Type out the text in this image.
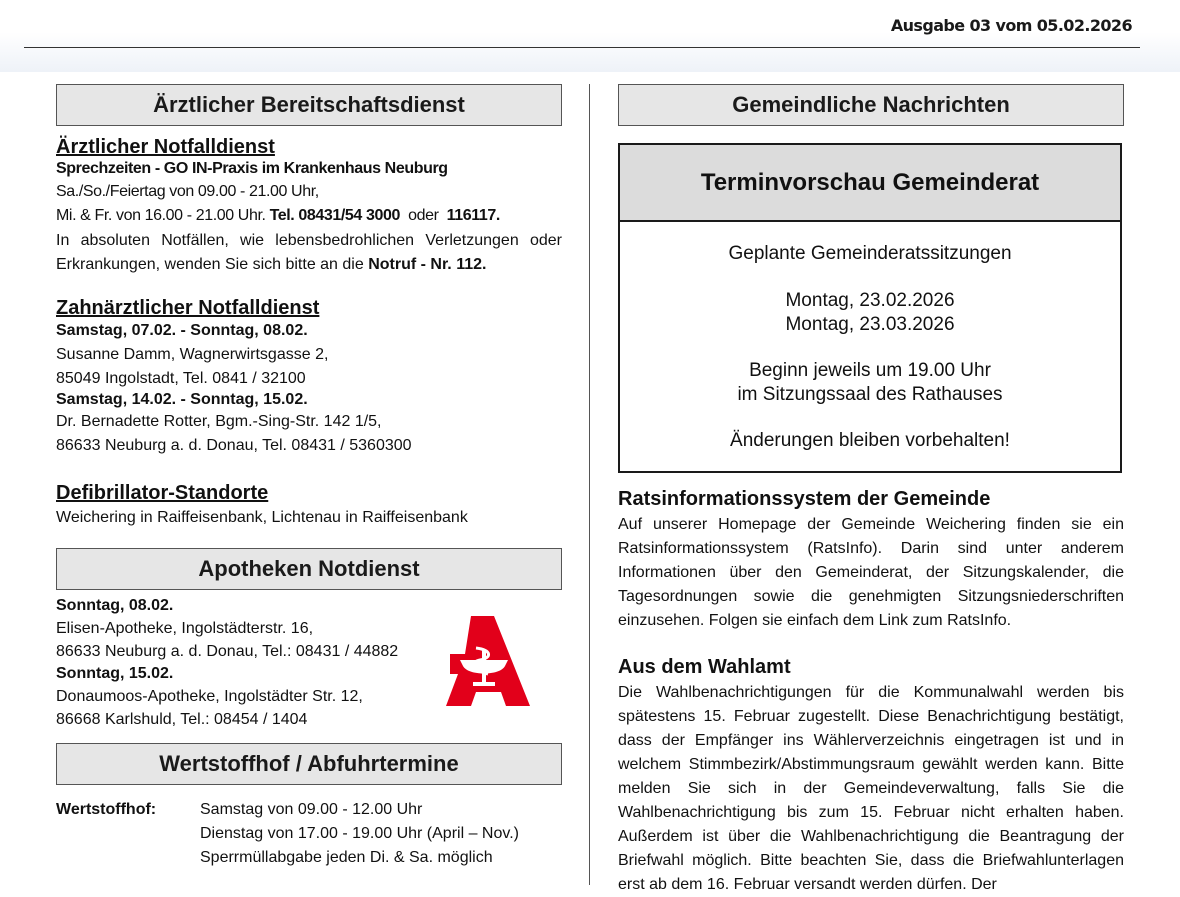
Ausgabe 03 vom 05.02.2026
Ärztlicher Bereitschaftsdienst
Ärztlicher Notfalldienst
Sprechzeiten - GO IN-Praxis im Krankenhaus Neuburg
Sa./So./Feiertag von 09.00 - 21.00 Uhr,
Mi. & Fr. von 16.00 - 21.00 Uhr. Tel. 08431/54 3000 oder 116117.
In absoluten Notfällen, wie lebensbedrohlichen Verletzungen oder Erkrankungen, wenden Sie sich bitte an die Notruf - Nr. 112.
Zahnärztlicher Notfalldienst
Samstag, 07.02. - Sonntag, 08.02.
Susanne Damm, Wagnerwirtsgasse 2,
85049 Ingolstadt, Tel. 0841 / 32100
Samstag, 14.02. - Sonntag, 15.02.
Dr. Bernadette Rotter, Bgm.-Sing-Str. 142 1/5,
86633 Neuburg a. d. Donau, Tel. 08431 / 5360300
Defibrillator-Standorte
Weichering in Raiffeisenbank, Lichtenau in Raiffeisenbank
Apotheken Notdienst
Sonntag, 08.02.
Elisen-Apotheke, Ingolstädterstr. 16,
86633 Neuburg a. d. Donau, Tel.: 08431 / 44882
Sonntag, 15.02.
Donaumoos-Apotheke, Ingolstädter Str. 12,
86668 Karlshuld, Tel.: 08454 / 1404
Wertstoffhof / Abfuhrtermine
Wertstoffhof:	Samstag von 09.00 - 12.00 Uhr
Dienstag von 17.00 - 19.00 Uhr (April – Nov.)
Sperrmüllabgabe jeden Di. & Sa. möglich
Gemeindliche Nachrichten
Terminvorschau Gemeinderat
Geplante Gemeinderatssitzungen
Montag, 23.02.2026
Montag, 23.03.2026
Beginn jeweils um 19.00 Uhr
im Sitzungssaal des Rathauses
Änderungen bleiben vorbehalten!
Ratsinformationssystem der Gemeinde
Auf unserer Homepage der Gemeinde Weichering finden sie ein Ratsinformationssystem (RatsInfo). Darin sind unter anderem Informationen über den Gemeinderat, der Sitzungskalender, die Tagesordnungen sowie die genehmigten Sitzungsniederschriften einzusehen. Folgen sie einfach dem Link zum RatsInfo.
Aus dem Wahlamt
Die Wahlbenachrichtigungen für die Kommunalwahl werden bis spätestens 15. Februar zugestellt. Diese Benachrichtigung bestätigt, dass der Empfänger ins Wählerverzeichnis eingetragen ist und in welchem Stimmbezirk/Abstimmungsraum gewählt werden kann. Bitte melden Sie sich in der Gemeindeverwaltung, falls Sie die Wahlbenachrichtigung bis zum 15. Februar nicht erhalten haben. Außerdem ist über die Wahlbenachrichtigung die Beantragung der Briefwahl möglich. Bitte beachten Sie, dass die Briefwahlunterlagen erst ab dem 16. Februar versandt werden dürfen. Der
